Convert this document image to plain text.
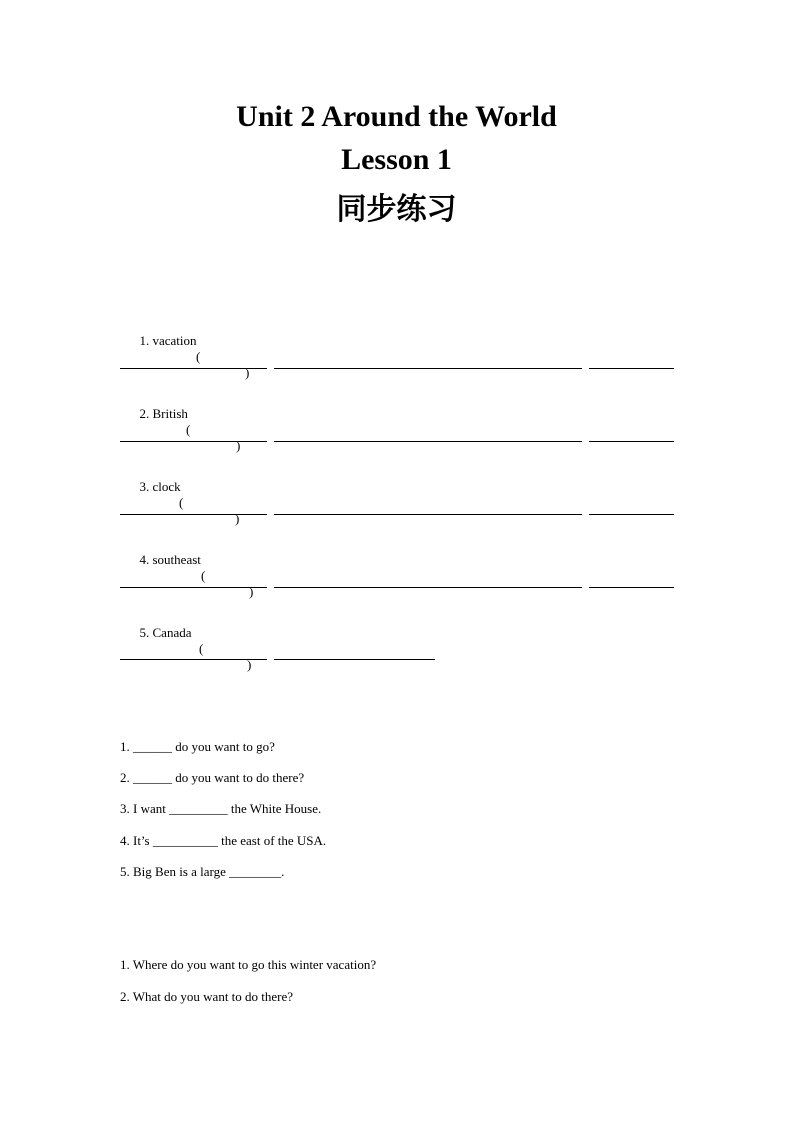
Unit 2 Around the World
Lesson 1
同步练习

1. vacation

(

)

2. British

(

)

3. clock

(

)

4. southeast

(

)

5. Canada

(

)

1. ______ do you want to go?
2. ______ do you want to do there?
3. I want _________ the White House.
4. It’s __________ the east of the USA.
5. Big Ben is a large ________.
1. Where do you want to go this winter vacation?
2. What do you want to do there?
